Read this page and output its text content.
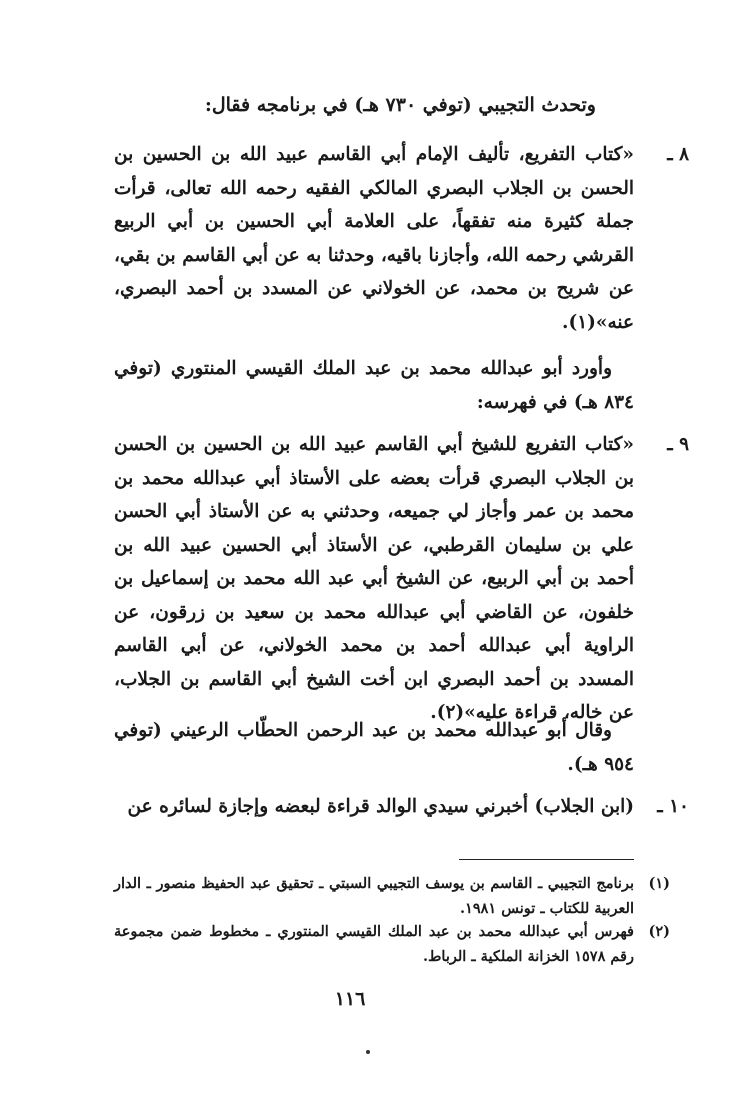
وتحدث التجيبي (توفي ٧٣٠ هـ) في برنامجه فقال:
٨ ـ
«كتاب التفريع، تأليف الإمام أبي القاسم عبيد الله بن الحسين بن الحسن بن الجلاب البصري المالكي الفقيه رحمه الله تعالى، قرأت جملة كثيرة منه تفقهاً، على العلامة أبي الحسين بن أبي الربيع القرشي رحمه الله، وأجازنا باقيه، وحدثنا به عن أبي القاسم بن بقي، عن شريح بن محمد، عن الخولاني عن المسدد بن أحمد البصري، عنه»(١).
وأورد أبو عبدالله محمد بن عبد الملك القيسي المنتوري (توفي ٨٣٤ هـ) في فهرسه:
٩ ـ
«كتاب التفريع للشيخ أبي القاسم عبيد الله بن الحسين بن الحسن بن الجلاب البصري قرأت بعضه على الأستاذ أبي عبدالله محمد بن محمد بن عمر وأجاز لي جميعه، وحدثني به عن الأستاذ أبي الحسن علي بن سليمان القرطبي، عن الأستاذ أبي الحسين عبيد الله بن أحمد بن أبي الربيع، عن الشيخ أبي عبد الله محمد بن إسماعيل بن خلفون، عن القاضي أبي عبدالله محمد بن سعيد بن زرقون، عن الراوية أبي عبدالله أحمد بن محمد الخولاني، عن أبي القاسم المسدد بن أحمد البصري ابن أخت الشيخ أبي القاسم بن الجلاب، عن خاله، قراءة عليه»(٢).
وقال أبو عبدالله محمد بن عبد الرحمن الحطّاب الرعيني (توفي ٩٥٤ هـ).
١٠ ـ
(ابن الجلاب) أخبرني سيدي الوالد قراءة لبعضه وإجازة لسائره عن
(١)
برنامج التجيبي ـ القاسم بن يوسف التجيبي السبتي ـ تحقيق عبد الحفيظ منصور ـ الدار العربية للكتاب ـ تونس ١٩٨١.
(٢)
فهرس أبي عبدالله محمد بن عبد الملك القيسي المنتوري ـ مخطوط ضمن مجموعة رقم ١٥٧٨ الخزانة الملكية ـ الرباط.
١١٦
